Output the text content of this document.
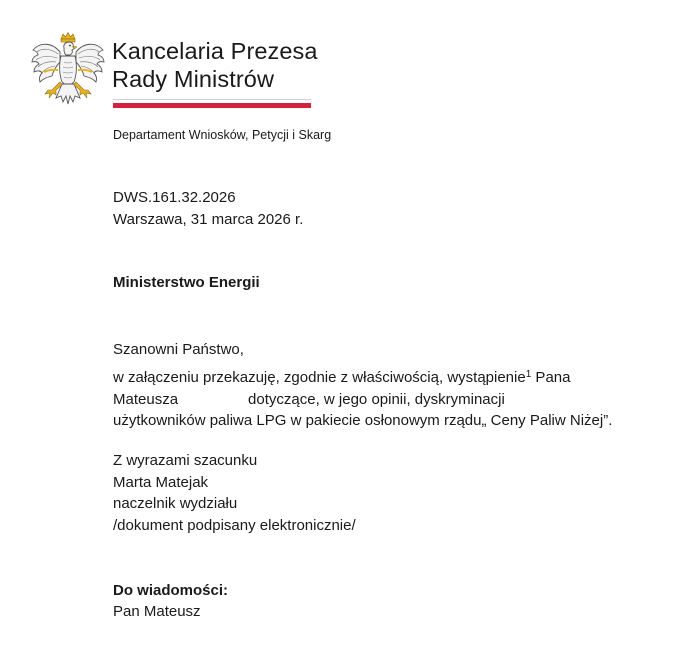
Kancelaria Prezesa
Rady Ministrów
Departament Wniosków, Petycji i Skarg
DWS.161.32.2026
Warszawa, 31 marca 2026 r.
Ministerstwo Energii
Szanowni Państwo,
w załączeniu przekazuję, zgodnie z właściwością, wystąpienie$^1$ Pana
Mateusza	dotyczące, w jego opinii, dyskryminacji
użytkowników paliwa LPG w pakiecie osłonowym rządu„ Ceny Paliw Niżej”.
Z wyrazami szacunku
Marta Matejak
naczelnik wydziału
/dokument podpisany elektronicznie/
Do wiadomości:
Pan Mateusz
